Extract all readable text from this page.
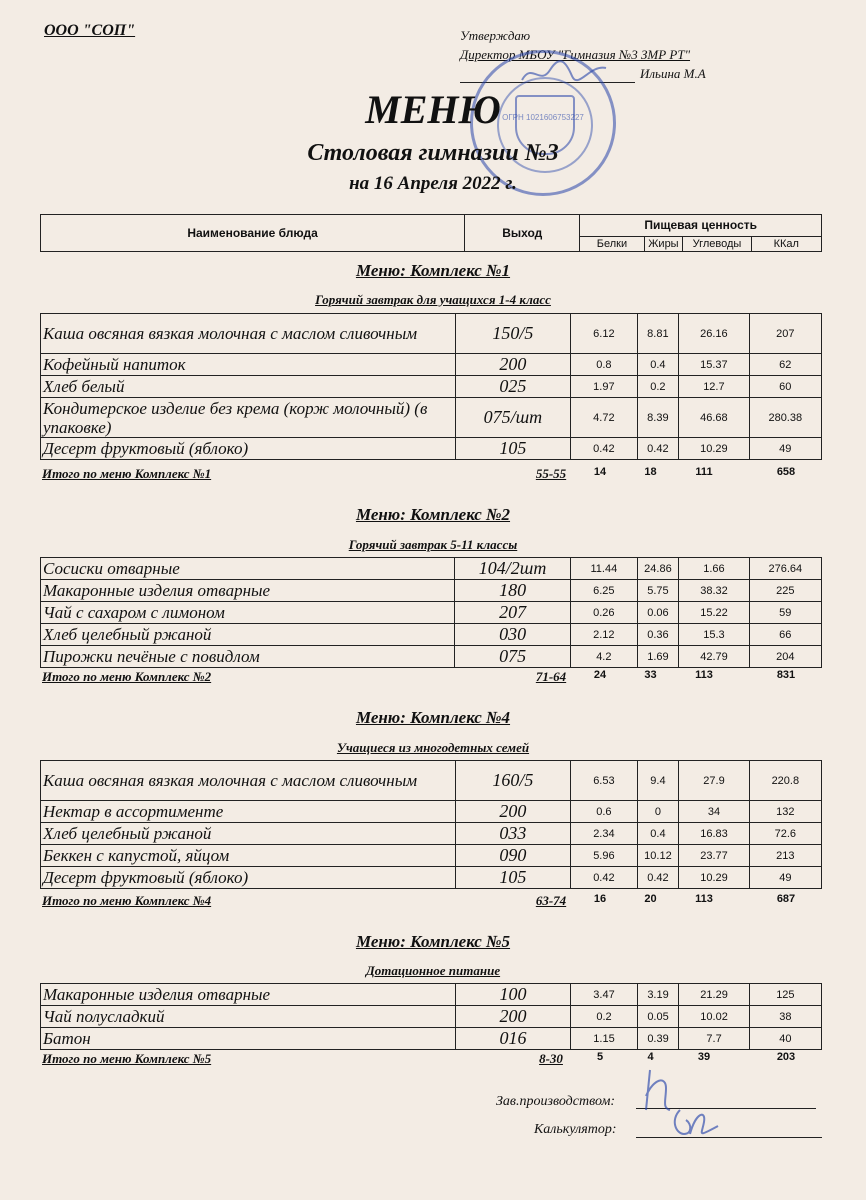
ООО "СОП"	Утверждаю
Директор МБОУ "Гимназия №3 ЗМР РТ"
Ильина М.А
ОГРН 1021606753227
МЕНЮ
Столовая гимназии №3
на 16 Апреля 2022 г.
Наименование блюда	Выход	Пищевая ценность			
		Белки	Жиры	Углеводы	ККал
Меню: Комплекс №1
Горячий завтрак для учащихся 1-4 класс
Каша овсяная вязкая молочная с маслом сливочным	150/5	6.12	8.81	26.16	207
Кофейный напиток	200	0.8	0.4	15.37	62
Хлеб белый	025	1.97	0.2	12.7	60
Кондитерское изделие без крема (корж молочный) (в упаковке)	075/шт	4.72	8.39	46.68	280.38
Десерт фруктовый (яблоко)	105	0.42	0.42	10.29	49
Итого по меню Комплекс №1	55-55	14	18	111	658
Меню: Комплекс №2
Горячий завтрак 5-11 классы
Сосиски отварные	104/2шт	11.44	24.86	1.66	276.64
Макаронные изделия отварные	180	6.25	5.75	38.32	225
Чай с сахаром с лимоном	207	0.26	0.06	15.22	59
Хлеб целебный ржаной	030	2.12	0.36	15.3	66
Пирожки печёные с повидлом	075	4.2	1.69	42.79	204
Итого по меню Комплекс №2	71-64	24	33	113	831
Меню: Комплекс №4
Учащиеся из многодетных семей
Каша овсяная вязкая молочная с маслом сливочным	160/5	6.53	9.4	27.9	220.8
Нектар в ассортименте	200	0.6	0	34	132
Хлеб целебный ржаной	033	2.34	0.4	16.83	72.6
Беккен с капустой, яйцом	090	5.96	10.12	23.77	213
Десерт фруктовый (яблоко)	105	0.42	0.42	10.29	49
Итого по меню Комплекс №4	63-74	16	20	113	687
Меню: Комплекс №5
Дотационное питание
Макаронные изделия отварные	100	3.47	3.19	21.29	125
Чай полусладкий	200	0.2	0.05	10.02	38
Батон	016	1.15	0.39	7.7	40
Итого по меню Комплекс №5	8-30	5	4	39	203
Зав.производством:
Калькулятор:
